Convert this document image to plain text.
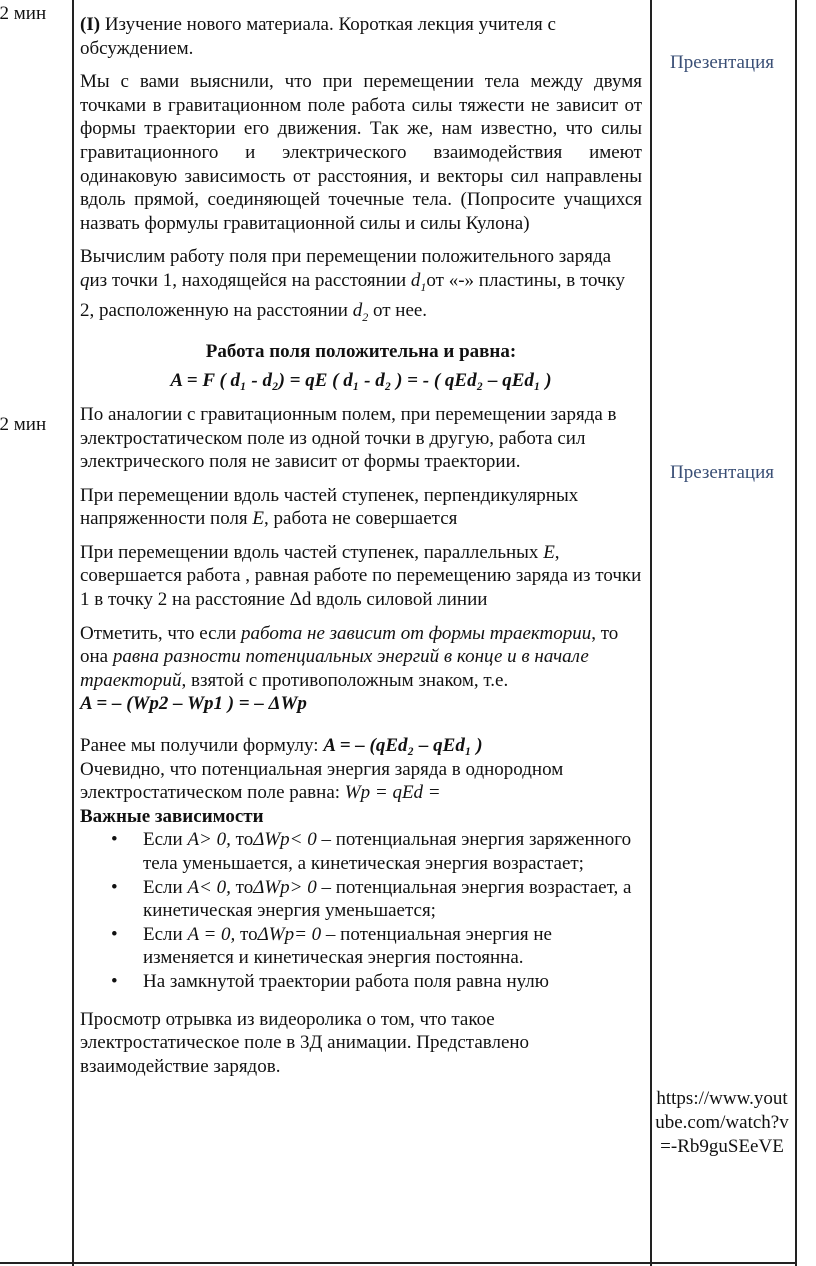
2 мин
2 мин

(I) Изучение нового материала. Короткая лекция учителя с обсуждением.

Мы с вами выяснили, что при перемещении тела между двумя точками в гравитационном поле работа силы тяжести не зависит от формы траектории его движения. Так же, нам известно, что силы гравитационного и электрического взаимодействия имеют одинаковую зависимость от расстояния, и векторы сил направлены вдоль прямой, соединяющей точечные тела. (Попросите учащихся назвать формулы гравитационной силы и силы Кулона)

Вычислим работу поля при перемещении положительного заряда qиз точки 1, находящейся на расстоянии $d_1от$ «-» пластины, в точку 2, расположенную на расстоянии $d_2$ от нее.

Работа поля положительна и равна:

A = F ( d₁ - d₂) = qE ( d₁ - d₂ ) = - ( qEd₂ – qEd₁ )

По аналогии с гравитационным полем, при перемещении заряда в электростатическом поле из одной точки в другую, работа сил электрического поля не зависит от формы траектории.

При перемещении вдоль частей ступенек, перпендикулярных напряженности поля E, работа не совершается

При перемещении вдоль частей ступенек, параллельных E, совершается работа , равная работе по перемещению заряда из точки 1 в точку 2 на расстояние Δd вдоль силовой линии

Отметить, что если работа не зависит от формы траектории, то она равна разности потенциальных энергий в конце и в начале траекторий, взятой с противоположным знаком, т.е.

A = – (Wp2 – Wp1 ) = – ΔWp

Ранее мы получили формулу: A = – (qEd₂ – qEd₁ )

Очевидно, что потенциальная энергия заряда в однородном электростатическом поле равна: Wp = qEd =

Важные зависимости

• Если A> 0, тоΔWp< 0 – потенциальная энергия заряженного тела уменьшается, а кинетическая энергия возрастает;
• Если A< 0, тоΔWp> 0 – потенциальная энергия возрастает, а кинетическая энергия уменьшается;
• Если A = 0, тоΔWp= 0 – потенциальная энергия не изменяется и кинетическая энергия постоянна.
• На замкнутой траектории работа поля равна нулю

Просмотр отрывка из видеоролика о том, что такое электростатическое поле в 3Д анимации. Представлено взаимодействие зарядов.

Презентация
Презентация
https://www.youtube.com/watch?v=-Rb9guSEeVE
